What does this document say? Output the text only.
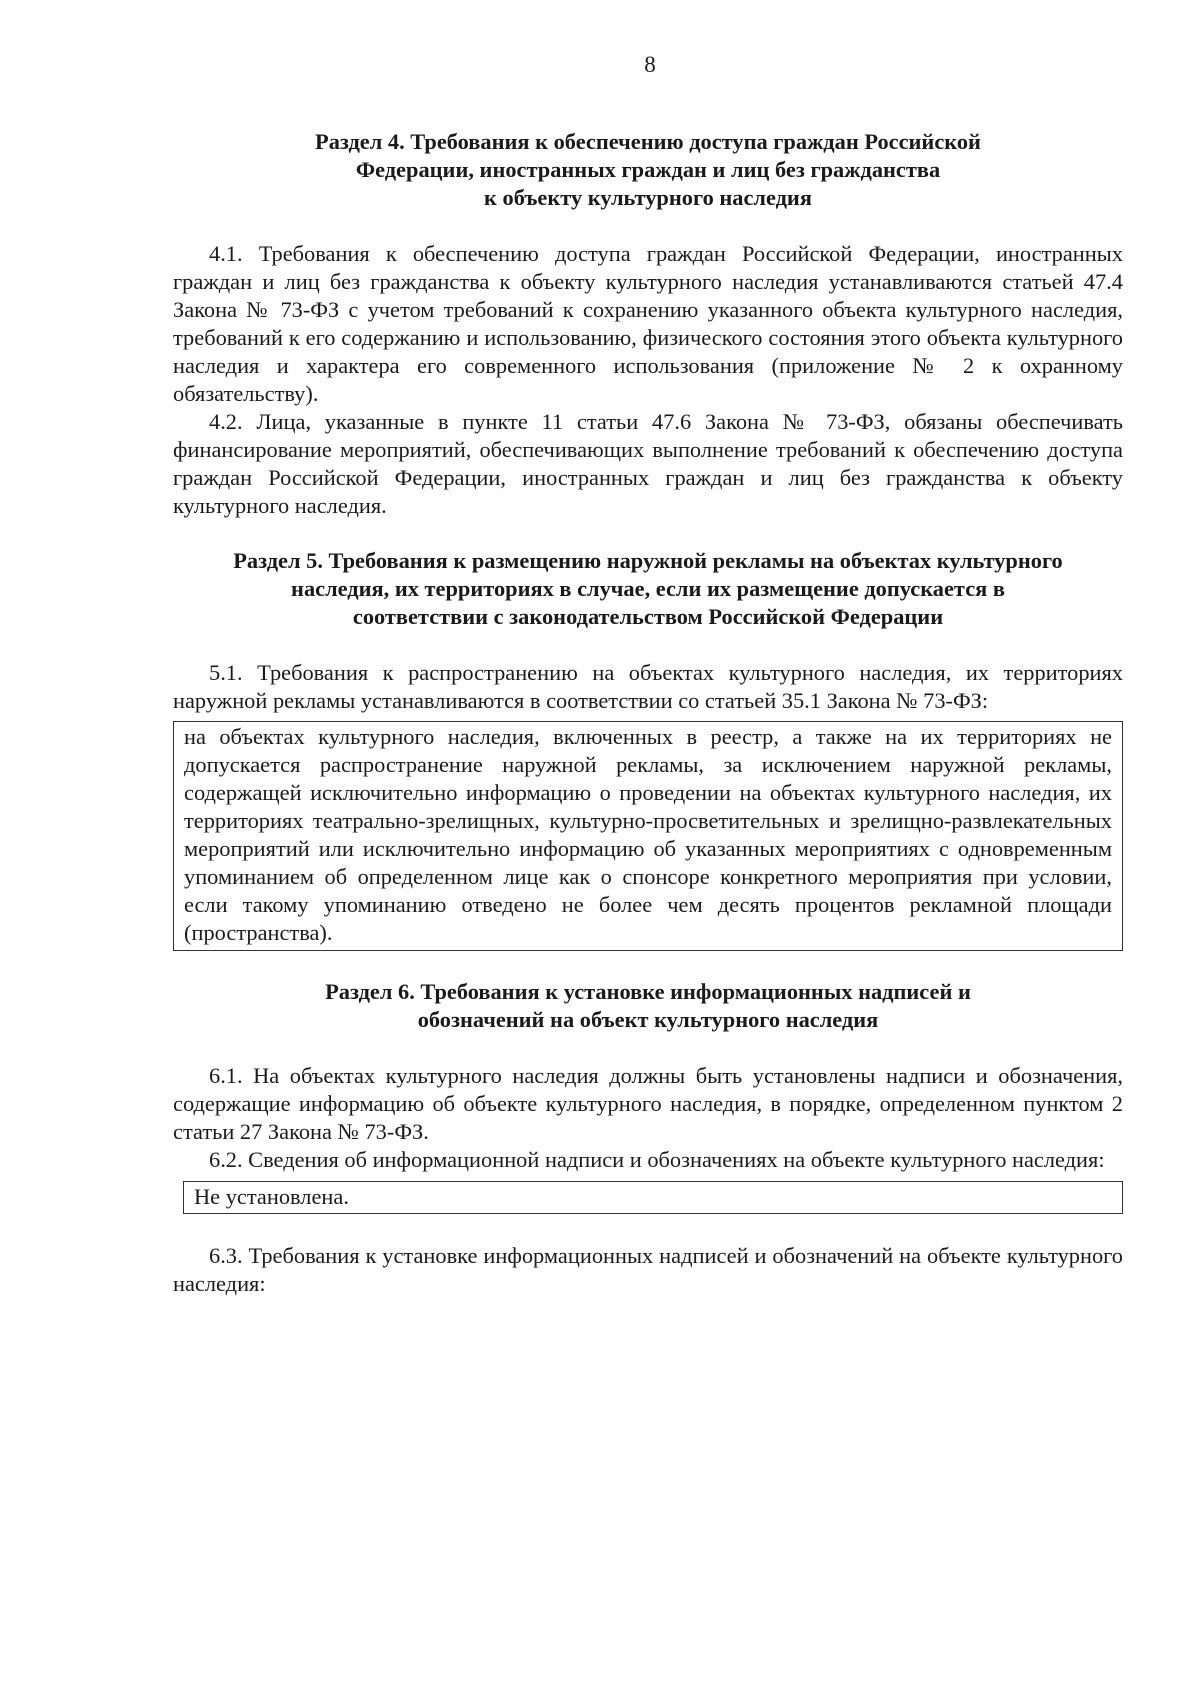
8
Раздел 4. Требования к обеспечению доступа граждан Российской
Федерации, иностранных граждан и лиц без гражданства
к объекту культурного наследия

4.1. Требования к обеспечению доступа граждан Российской Федерации, иностранных граждан и лиц без гражданства к объекту культурного наследия устанавливаются статьей 47.4 Закона № 73-ФЗ с учетом требований к сохранению указанного объекта культурного наследия, требований к его содержанию и использованию, физического состояния этого объекта культурного наследия и характера его современного использования (приложение № 2 к охранному обязательству).

4.2. Лица, указанные в пункте 11 статьи 47.6 Закона № 73-ФЗ, обязаны обеспечивать финансирование мероприятий, обеспечивающих выполнение требований к обеспечению доступа граждан Российской Федерации, иностранных граждан и лиц без гражданства к объекту культурного наследия.

Раздел 5. Требования к размещению наружной рекламы на объектах культурного
наследия, их территориях в случае, если их размещение допускается в
соответствии с законодательством Российской Федерации

5.1. Требования к распространению на объектах культурного наследия, их территориях наружной рекламы устанавливаются в соответствии со статьей 35.1 Закона № 73-ФЗ:

на объектах культурного наследия, включенных в реестр, а также на их территориях не допускается распространение наружной рекламы, за исключением наружной рекламы, содержащей исключительно информацию о проведении на объектах культурного наследия, их территориях театрально-зрелищных, культурно-просветительных и зрелищно-развлекательных мероприятий или исключительно информацию об указанных мероприятиях с одновременным упоминанием об определенном лице как о спонсоре конкретного мероприятия при условии, если такому упоминанию отведено не более чем десять процентов рекламной площади (пространства).
Раздел 6. Требования к установке информационных надписей и
обозначений на объект культурного наследия

6.1. На объектах культурного наследия должны быть установлены надписи и обозначения, содержащие информацию об объекте культурного наследия, в порядке, определенном пунктом 2 статьи 27 Закона № 73-ФЗ.

6.2. Сведения об информационной надписи и обозначениях на объекте культурного наследия:

Не установлена.

6.3. Требования к установке информационных надписей и обозначений на объекте культурного наследия:
